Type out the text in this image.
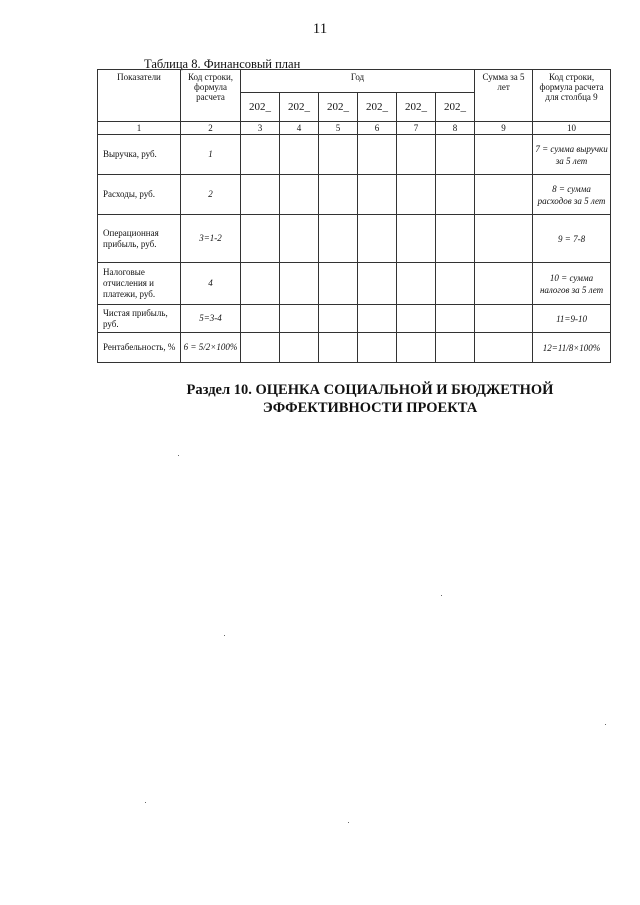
11
Таблица 8. Финансовый план
Показатели	Код строки, формула расчета	Год						Сумма за 5 лет	Код строки, формула расчета для столбца 9
		202_	202_	202_	202_	202_	202_		
1	2	3	4	5	6	7	8	9	10
Выручка, руб.	1								7 = сумма выручки за 5 лет
Расходы, руб.	2								8 = сумма расходов за 5 лет
Операционная прибыль, руб.	3=1-2								9 = 7-8
Налоговые отчисления и платежи, руб.	4								10 = сумма налогов за 5 лет
Чистая прибыль, руб.	5=3-4								11=9-10
Рентабельность, %	6 = 5/2×100%								12=11/8×100%
Раздел 10. ОЦЕНКА СОЦИАЛЬНОЙ И БЮДЖЕТНОЙ
ЭФФЕКТИВНОСТИ ПРОЕКТА
